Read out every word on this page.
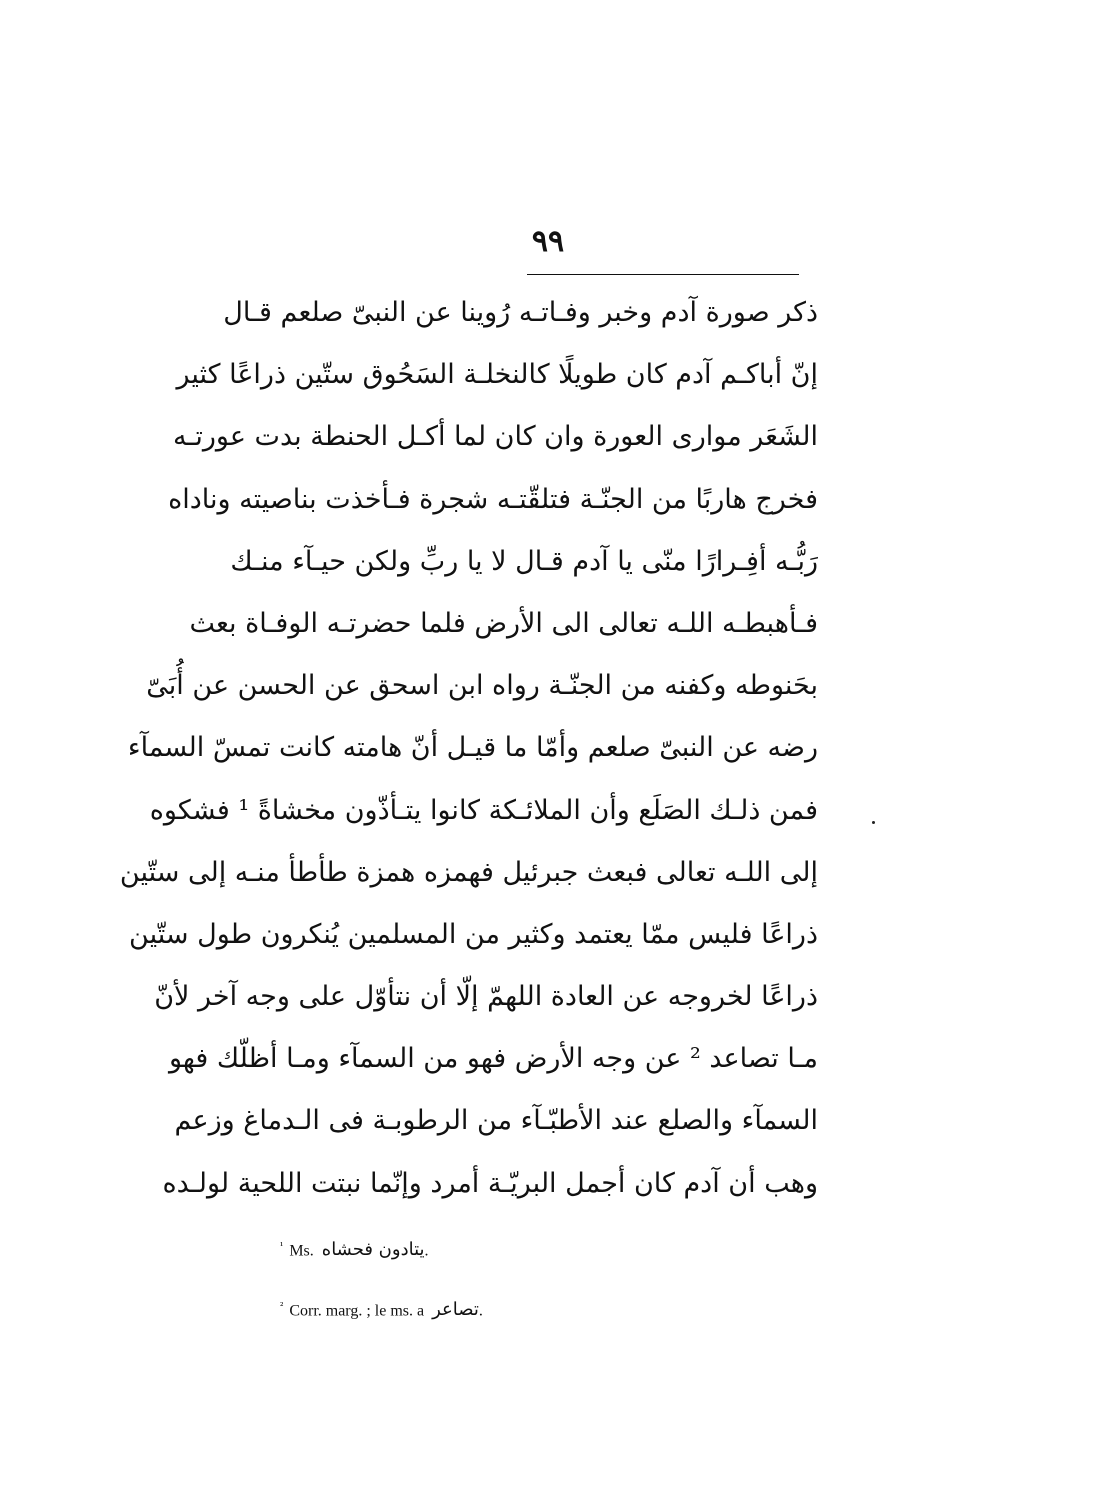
٩٩
ذكر صورة آدم وخبر وفـاتـه رُوينا عن النبىّ صلعم قـال
إنّ أباكـم آدم كان طويلًا كالنخلـة السَحُوق ستّين ذراعًا كثير
الشَعَر موارى العورة وان كان لما أكـل الحنطة بدت عورتـه
فخرج هاربًا من الجنّـة فتلقّتـه شجرة فـأخذت بناصيته وناداه
رَبُّـه أفِـرارًا منّى يا آدم قـال لا يا ربِّ ولكن حيـآء منـك
فـأهبطـه اللـه تعالى الى الأرض فلما حضرتـه الوفـاة بعث
بحَنوطه وكفنه من الجنّـة رواه ابن اسحق عن الحسن عن أُبَىّ
رضه عن النبىّ صلعم وأمّا ما قيـل أنّ هامته كانت تمسّ السمآء
فمن ذلـك الصَلَع وأن الملائـكة كانوا يتـأذّون مخشاةً ¹ فشكوه
إلى اللـه تعالى فبعث جبرئيل فهمزه همزة طأطأ منـه إلى ستّين
ذراعًا فليس ممّا يعتمد وكثير من المسلمين يُنكرون طول ستّين
ذراعًا لخروجه عن العادة اللهمّ إلّا أن نتأوّل على وجه آخر لأنّ
مـا تصاعد ² عن وجه الأرض فهو من السمآء ومـا أظلّك فهو
السمآء والصلع عند الأطبّـآء من الرطوبـة فى الـدماغ وزعم
وهب أن آدم كان أجمل البريّـة أمرد وإنّما نبتت اللحية لولـده
$^{^1}$ Ms. يتادون فحشاه.
$^{^2}$ Corr. marg. ; le ms. a تصاعر.
